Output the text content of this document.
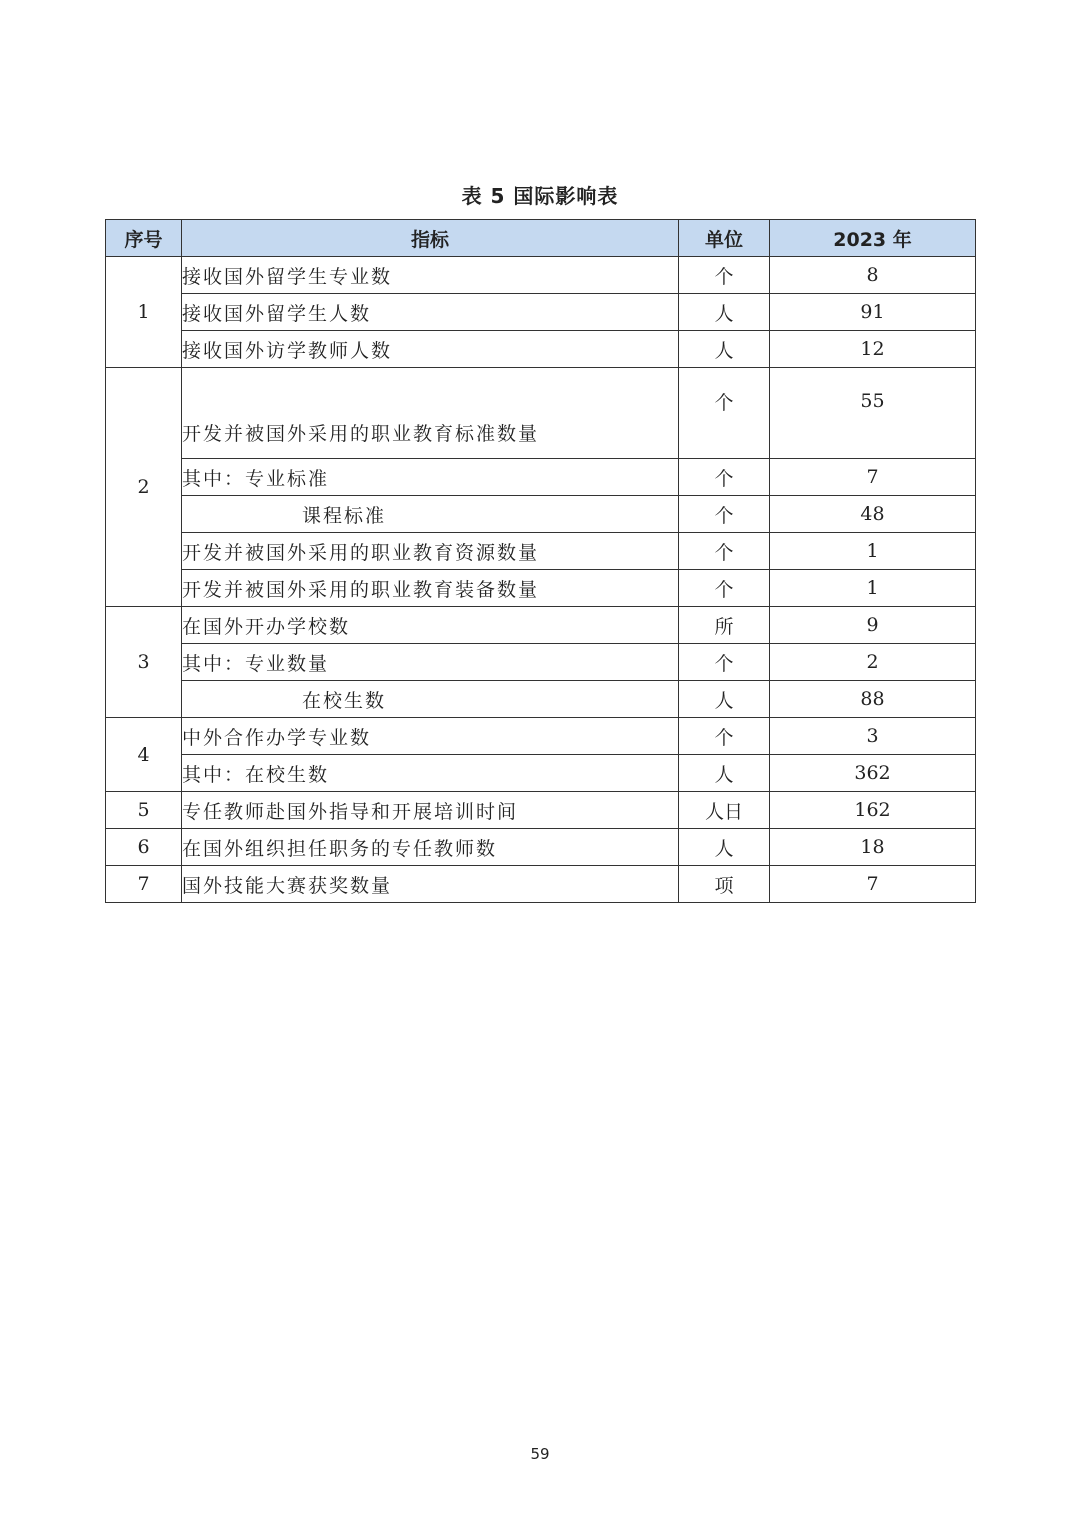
表 5 国际影响表
序号	指标	单位	2023 年
1	接收国外留学生专业数	个	8
	接收国外留学生人数	人	91
	接收国外访学教师人数	人	12
2	开发并被国外采用的职业教育标准数量	个	55
	其中：专业标准	个	7
	课程标准	个	48
	开发并被国外采用的职业教育资源数量	个	1
	开发并被国外采用的职业教育装备数量	个	1
3	在国外开办学校数	所	9
	其中：专业数量	个	2
	在校生数	人	88
4	中外合作办学专业数	个	3
	其中：在校生数	人	362
5	专任教师赴国外指导和开展培训时间	人日	162
6	在国外组织担任职务的专任教师数	人	18
7	国外技能大赛获奖数量	项	7
59
